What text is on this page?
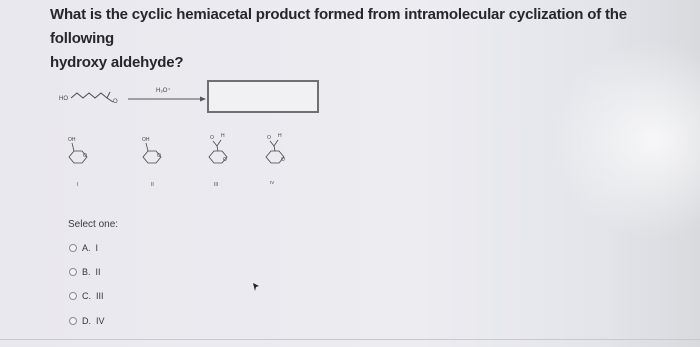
What is the cyclic hemiacetal product formed from intramolecular cyclization of the following
hydroxy aldehyde?
HO	O
H₃O⁺
OH
O
I
OH
O
II
O H
O
III
O H
O
IV
Select one:
A. I
B. II
C. III
D. IV
